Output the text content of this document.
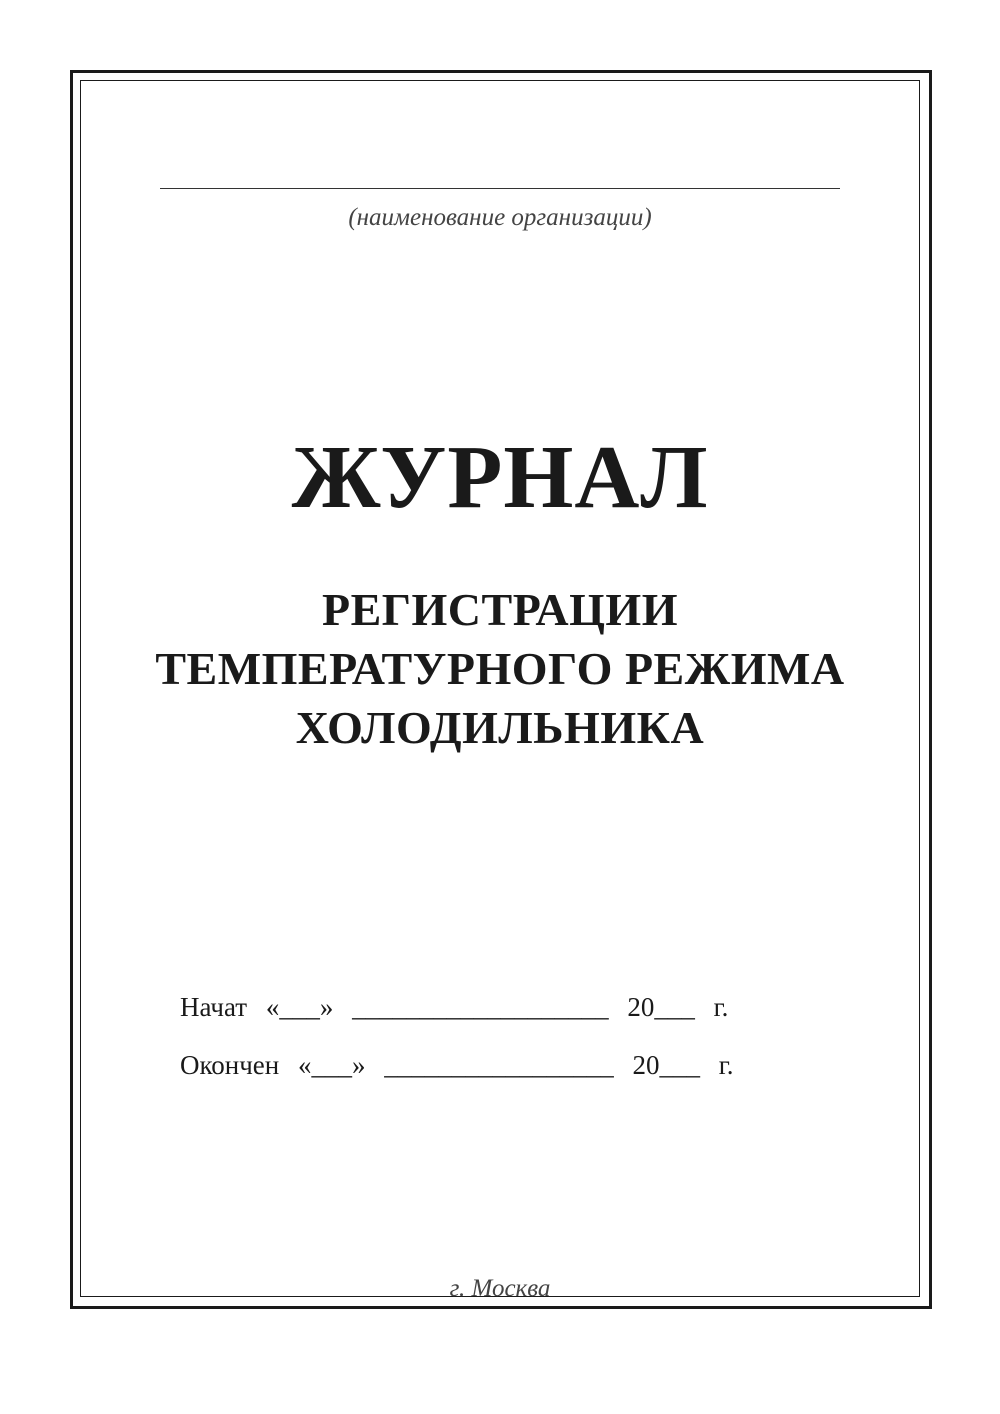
(наименование организации)
ЖУРНАЛ
РЕГИСТРАЦИИ
ТЕМПЕРАТУРНОГО РЕЖИМА
ХОЛОДИЛЬНИКА
Начат «___» ___________________ 20___ г.
Окончен «___» _________________ 20___ г.
г. Москва
